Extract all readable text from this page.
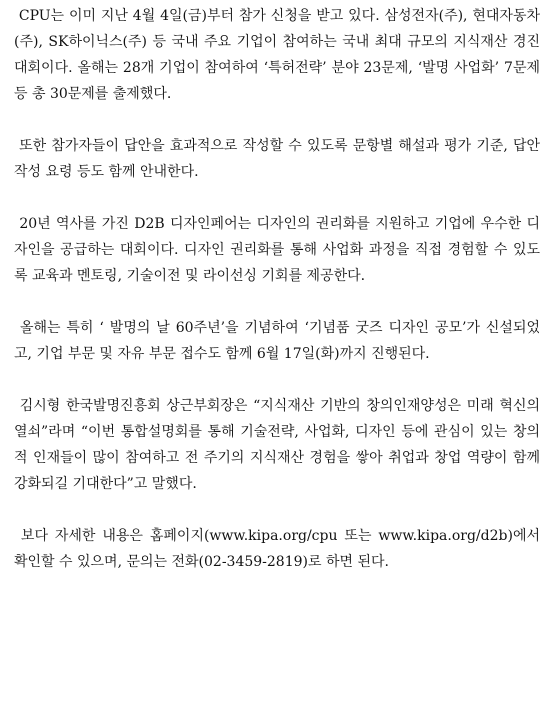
CPU는 이미 지난 4월 4일(금)부터 참가 신청을 받고 있다. 삼성전자(주), 현대자동차(주), SK하이닉스(주) 등 국내 주요 기업이 참여하는 국내 최대 규모의 지식재산 경진대회이다. 올해는 28개 기업이 참여하여 ‘특허전략’ 분야 23문제, ‘발명 사업화’ 7문제 등 총 30문제를 출제했다.

또한 참가자들이 답안을 효과적으로 작성할 수 있도록 문항별 해설과 평가 기준, 답안 작성 요령 등도 함께 안내한다.

20년 역사를 가진 D2B 디자인페어는 디자인의 권리화를 지원하고 기업에 우수한 디자인을 공급하는 대회이다. 디자인 권리화를 통해 사업화 과정을 직접 경험할 수 있도록 교육과 멘토링, 기술이전 및 라이선싱 기회를 제공한다.

올해는 특히 ‘ 발명의 날 60주년’을 기념하여 ‘기념품 굿즈 디자인 공모’가 신설되었고, 기업 부문 및 자유 부문 접수도 함께 6월 17일(화)까지 진행된다.

김시형 한국발명진흥회 상근부회장은 “지식재산 기반의 창의인재양성은 미래 혁신의 열쇠”라며 “이번 통합설명회를 통해 기술전략, 사업화, 디자인 등에 관심이 있는 창의적 인재들이 많이 참여하고 전 주기의 지식재산 경험을 쌓아 취업과 창업 역량이 함께 강화되길 기대한다”고 말했다.

보다 자세한 내용은 홈페이지(www.kipa.org/cpu 또는 www.kipa.org/d2b)에서 확인할 수 있으며, 문의는 전화(02-3459-2819)로 하면 된다.
